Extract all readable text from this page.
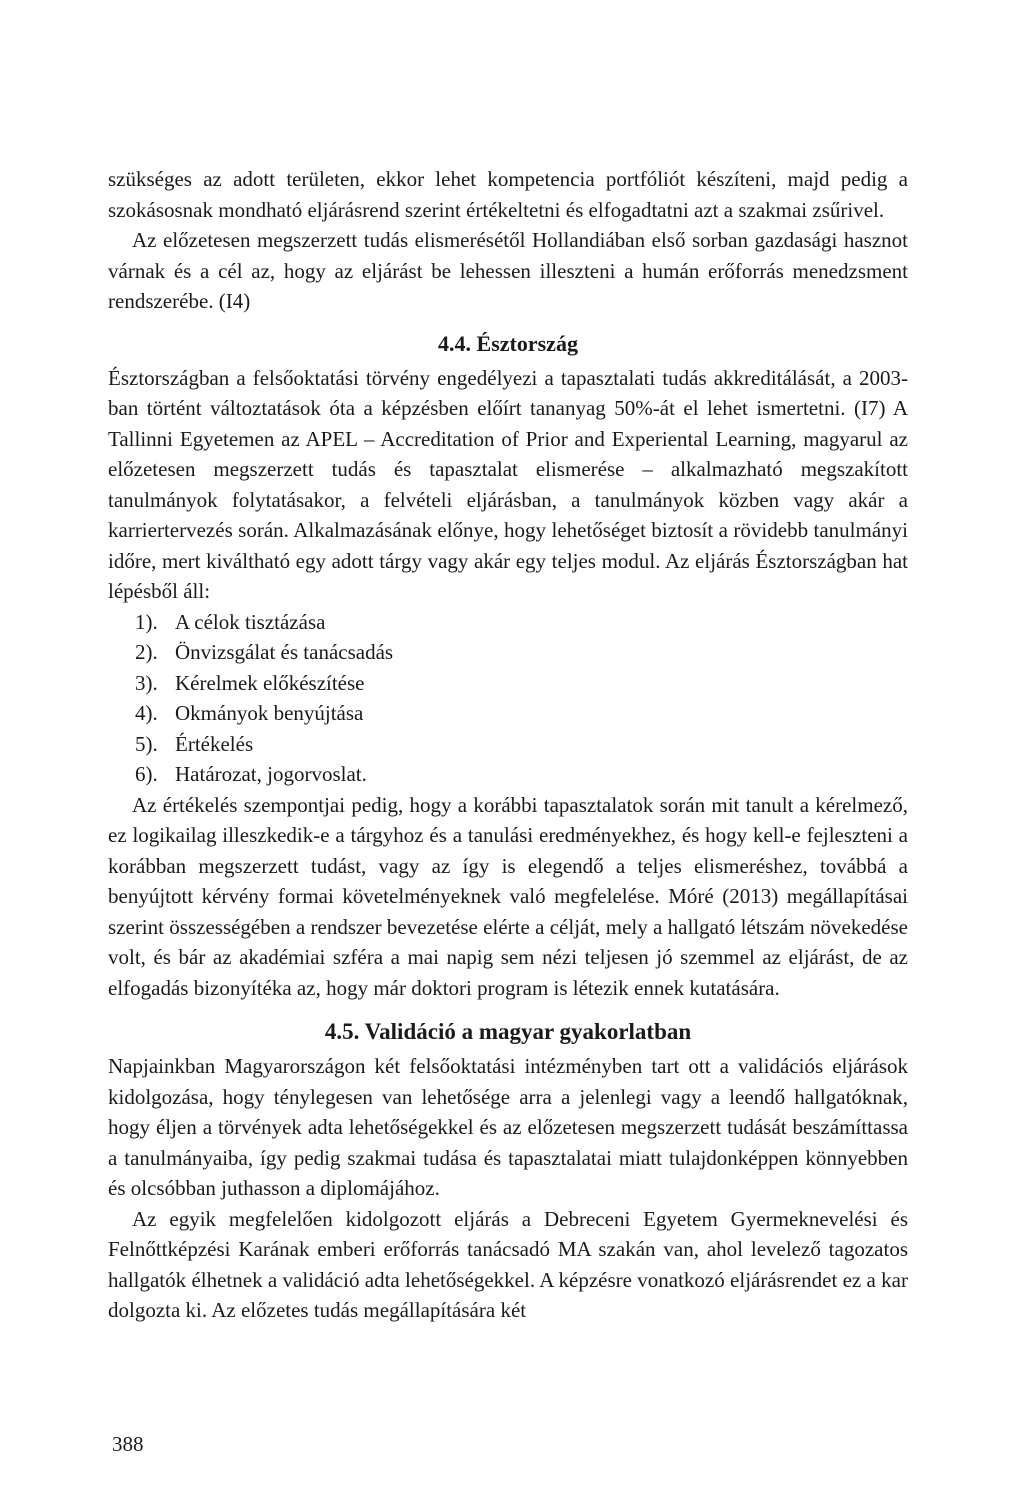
szükséges az adott területen, ekkor lehet kompetencia portfóliót készíteni, majd pedig a szokásosnak mondható eljárásrend szerint értékeltetni és elfogadtatni azt a szakmai zsűrivel.

Az előzetesen megszerzett tudás elismerésétől Hollandiában első sorban gazdasági hasznot várnak és a cél az, hogy az eljárást be lehessen illeszteni a humán erőforrás menedzsment rendszerébe. (I4)

4.4. Észtország

Észtországban a felsőoktatási törvény engedélyezi a tapasztalati tudás akkreditálását, a 2003-ban történt változtatások óta a képzésben előírt tananyag 50%-át el lehet ismertetni. (I7) A Tallinni Egyetemen az APEL – Accreditation of Prior and Experiental Learning, magyarul az előzetesen megszerzett tudás és tapasztalat elismerése – alkalmazható megszakított tanulmányok folytatásakor, a felvételi eljárásban, a tanulmányok közben vagy akár a karriertervezés során. Alkalmazásának előnye, hogy lehetőséget biztosít a rövidebb tanulmányi időre, mert kiváltható egy adott tárgy vagy akár egy teljes modul. Az eljárás Észtországban hat lépésből áll:

1). A célok tisztázása
2). Önvizsgálat és tanácsadás
3). Kérelmek előkészítése
4). Okmányok benyújtása
5). Értékelés
6). Határozat, jogorvoslat.

Az értékelés szempontjai pedig, hogy a korábbi tapasztalatok során mit tanult a kérelmező, ez logikailag illeszkedik-e a tárgyhoz és a tanulási eredményekhez, és hogy kell-e fejleszteni a korábban megszerzett tudást, vagy az így is elegendő a teljes elismeréshez, továbbá a benyújtott kérvény formai követelményeknek való megfelelése. Móré (2013) megállapításai szerint összességében a rendszer bevezetése elérte a célját, mely a hallgató létszám növekedése volt, és bár az akadémiai szféra a mai napig sem nézi teljesen jó szemmel az eljárást, de az elfogadás bizonyítéka az, hogy már doktori program is létezik ennek kutatására.

4.5. Validáció a magyar gyakorlatban

Napjainkban Magyarországon két felsőoktatási intézményben tart ott a validációs eljárások kidolgozása, hogy ténylegesen van lehetősége arra a jelenlegi vagy a leendő hallgatóknak, hogy éljen a törvények adta lehetőségekkel és az előzetesen megszerzett tudását beszámíttassa a tanulmányaiba, így pedig szakmai tudása és tapasztalatai miatt tulajdonképpen könnyebben és olcsóbban juthasson a diplomájához.

Az egyik megfelelően kidolgozott eljárás a Debreceni Egyetem Gyermeknevelési és Felnőttképzési Karának emberi erőforrás tanácsadó MA szakán van, ahol levelező tagozatos hallgatók élhetnek a validáció adta lehetőségekkel. A képzésre vonatkozó eljárásrendet ez a kar dolgozta ki. Az előzetes tudás megállapítására két

388
